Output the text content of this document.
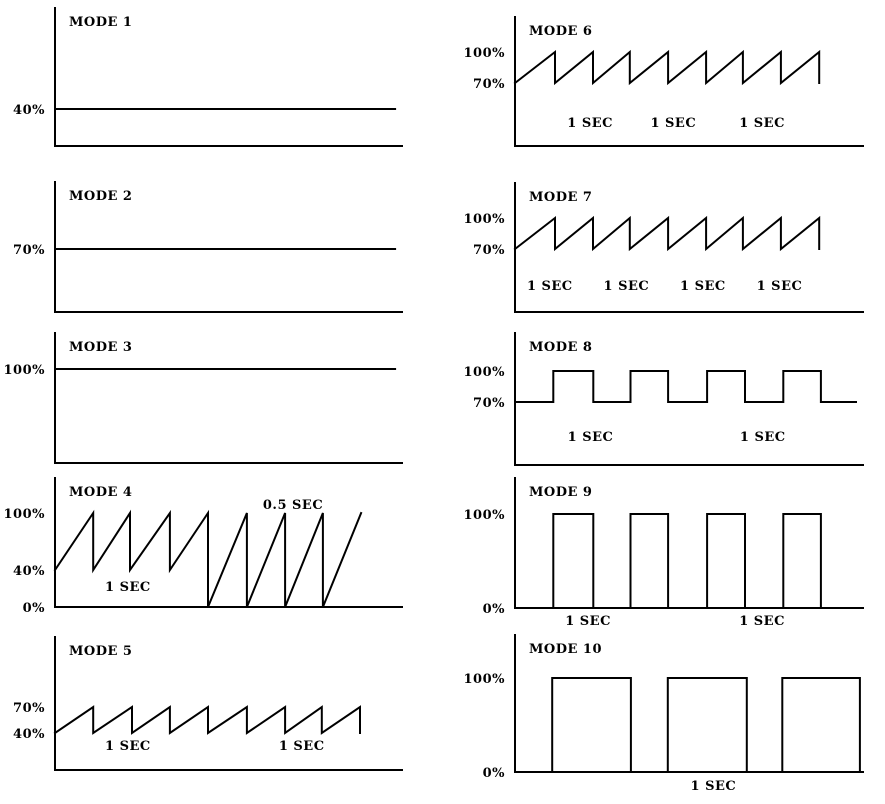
MODE 1
40%
MODE 2
70%
MODE 3
100%
MODE 4
100%
40%
0%
1 SEC
0.5 SEC
MODE 5
70%
40%
1 SEC	1 SEC
MODE 6
100%
70%
1 SEC	1 SEC	1 SEC
MODE 7
100%
70%
1 SEC 1 SEC 1 SEC 1 SEC
MODE 8
100%
70%
1 SEC	1 SEC
MODE 9
100%
0%
1 SEC	1 SEC
MODE 10
100%
0%
1 SEC
